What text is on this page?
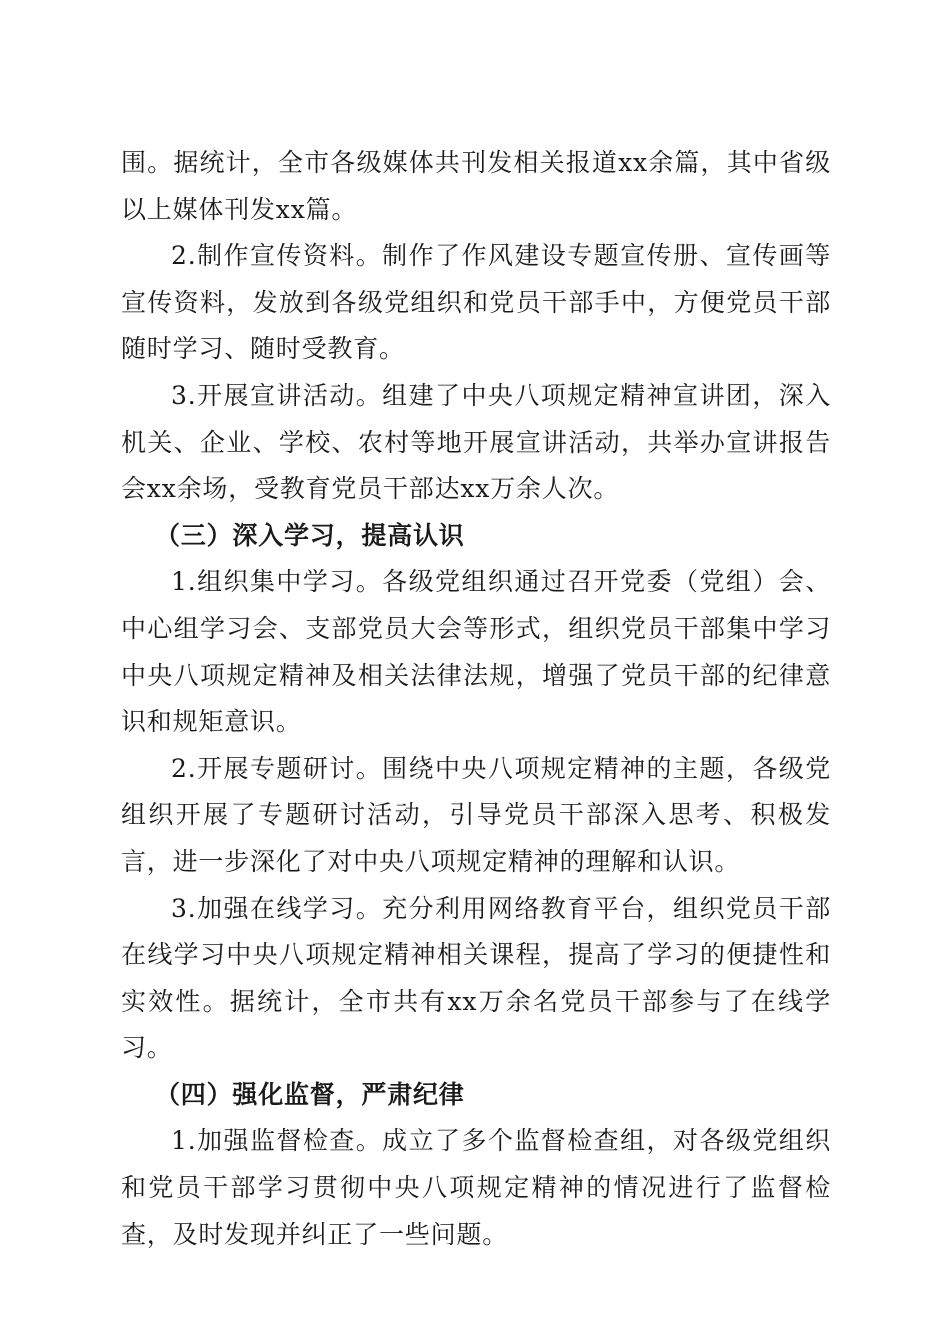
围。据统计，全市各级媒体共刊发相关报道xx余篇，其中省级以上媒体刊发xx篇。

2.制作宣传资料。制作了作风建设专题宣传册、宣传画等宣传资料，发放到各级党组织和党员干部手中，方便党员干部随时学习、随时受教育。

3.开展宣讲活动。组建了中央八项规定精神宣讲团，深入机关、企业、学校、农村等地开展宣讲活动，共举办宣讲报告会xx余场，受教育党员干部达xx万余人次。

（三）深入学习，提高认识

1.组织集中学习。各级党组织通过召开党委（党组）会、中心组学习会、支部党员大会等形式，组织党员干部集中学习中央八项规定精神及相关法律法规，增强了党员干部的纪律意识和规矩意识。

2.开展专题研讨。围绕中央八项规定精神的主题，各级党组织开展了专题研讨活动，引导党员干部深入思考、积极发言，进一步深化了对中央八项规定精神的理解和认识。

3.加强在线学习。充分利用网络教育平台，组织党员干部在线学习中央八项规定精神相关课程，提高了学习的便捷性和实效性。据统计，全市共有xx万余名党员干部参与了在线学习。

（四）强化监督，严肃纪律

1.加强监督检查。成立了多个监督检查组，对各级党组织和党员干部学习贯彻中央八项规定精神的情况进行了监督检查，及时发现并纠正了一些问题。
